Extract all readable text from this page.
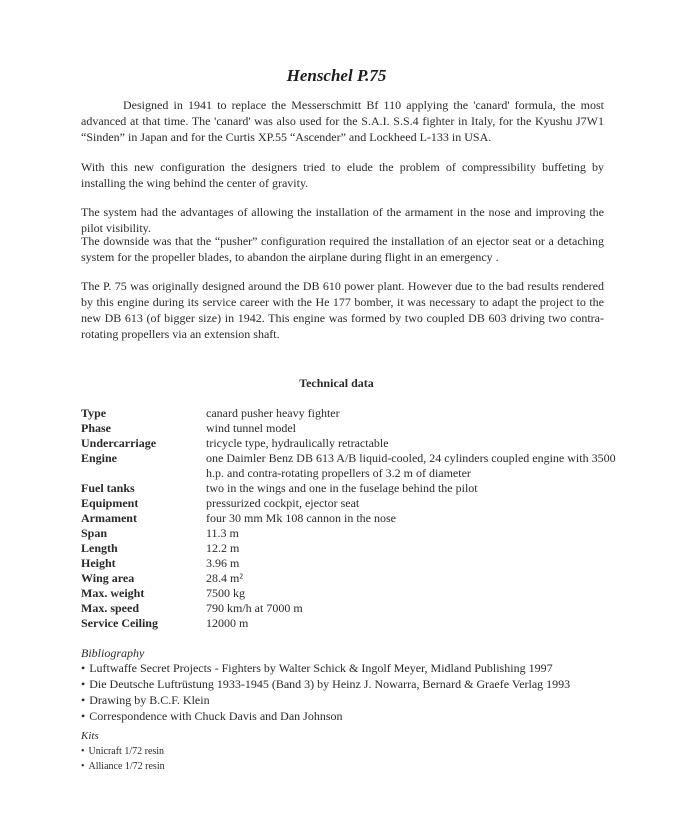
Henschel P.75

Designed in 1941 to replace the Messerschmitt Bf 110 applying the 'canard' formula, the most advanced at that time. The 'canard' was also used for the S.A.I. S.S.4 fighter in Italy, for the Kyushu J7W1 “Sinden” in Japan and for the Curtis XP.55 “Ascender” and Lockheed L-133 in USA.

With this new configuration the designers tried to elude the problem of compressibility buffeting by installing the wing behind the center of gravity.

The system had the advantages of allowing the installation of the armament in the nose and improving the pilot visibility.

The downside was that the “pusher” configuration required the installation of an ejector seat or a detaching system for the propeller blades, to abandon the airplane during flight in an emergency .

The P. 75 was originally designed around the DB 610 power plant. However due to the bad results rendered by this engine during its service career with the He 177 bomber, it was necessary to adapt the project to the new DB 613 (of bigger size) in 1942. This engine was formed by two coupled DB 603 driving two contra-rotating propellers via an extension shaft.

Technical data
Type	canard pusher heavy fighter
Phase	wind tunnel model
Undercarriage	tricycle type, hydraulically retractable
Engine	one Daimler Benz DB 613 A/B liquid-cooled, 24 cylinders coupled engine with 3500 h.p. and contra-rotating propellers of 3.2 m of diameter
Fuel tanks	two in the wings and one in the fuselage behind the pilot
Equipment	pressurized cockpit, ejector seat
Armament	four 30 mm Mk 108 cannon in the nose
Span	11.3 m
Length	12.2 m
Height	3.96 m
Wing area	28.4 m²
Max. weight	7500 kg
Max. speed	790 km/h at 7000 m
Service Ceiling	12000 m
Bibliography
• Luftwaffe Secret Projects - Fighters by Walter Schick & Ingolf Meyer, Midland Publishing 1997
• Die Deutsche Luftrüstung 1933-1945 (Band 3) by Heinz J. Nowarra, Bernard & Graefe Verlag 1993
• Drawing by B.C.F. Klein
• Correspondence with Chuck Davis and Dan Johnson
Kits
• Unicraft 1/72 resin
• Alliance 1/72 resin
